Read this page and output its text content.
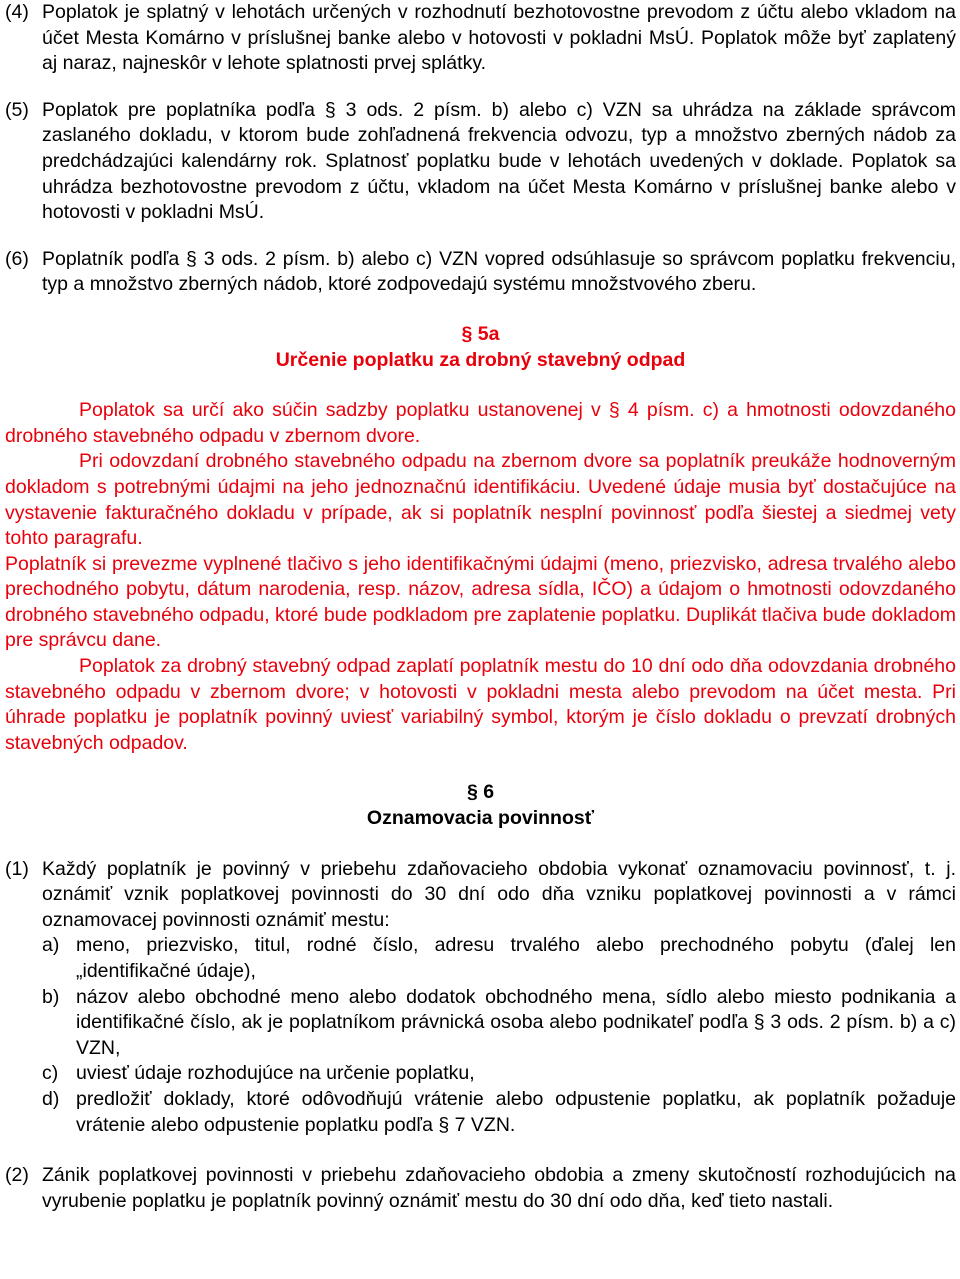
(4) Poplatok je splatný v lehotách určených v rozhodnutí bezhotovostne prevodom z účtu alebo vkladom na účet Mesta Komárno v príslušnej banke alebo v hotovosti v pokladni MsÚ. Poplatok môže byť zaplatený aj naraz, najneskôr v lehote splatnosti prvej splátky.

(5) Poplatok pre poplatníka podľa § 3 ods. 2 písm. b) alebo c) VZN sa uhrádza na základe správcom zaslaného dokladu, v ktorom bude zohľadnená frekvencia odvozu, typ a množstvo zberných nádob za predchádzajúci kalendárny rok. Splatnosť poplatku bude v lehotách uvedených v doklade. Poplatok sa uhrádza bezhotovostne prevodom z účtu, vkladom na účet Mesta Komárno v príslušnej banke alebo v hotovosti v pokladni MsÚ.

(6) Poplatník podľa § 3 ods. 2 písm. b) alebo c) VZN vopred odsúhlasuje so správcom poplatku frekvenciu, typ a množstvo zberných nádob, ktoré zodpovedajú systému množstvového zberu.

§ 5a
Určenie poplatku za drobný stavebný odpad

Poplatok sa určí ako súčin sadzby poplatku ustanovenej v § 4 písm. c) a hmotnosti odovzdaného drobného stavebného odpadu v zbernom dvore.

Pri odovzdaní drobného stavebného odpadu na zbernom dvore sa poplatník preukáže hodnoverným dokladom s potrebnými údajmi na jeho jednoznačnú identifikáciu. Uvedené údaje musia byť dostačujúce na vystavenie fakturačného dokladu v prípade, ak si poplatník nesplní povinnosť podľa šiestej a siedmej vety tohto paragrafu.

Poplatník si prevezme vyplnené tlačivo s jeho identifikačnými údajmi (meno, priezvisko, adresa trvalého alebo prechodného pobytu, dátum narodenia, resp. názov, adresa sídla, IČO) a údajom o hmotnosti odovzdaného drobného stavebného odpadu, ktoré bude podkladom pre zaplatenie poplatku. Duplikát tlačiva bude dokladom pre správcu dane.

Poplatok za drobný stavebný odpad zaplatí poplatník mestu do 10 dní odo dňa odovzdania drobného stavebného odpadu v zbernom dvore; v hotovosti v pokladni mesta alebo prevodom na účet mesta. Pri úhrade poplatku je poplatník povinný uviesť variabilný symbol, ktorým je číslo dokladu o prevzatí drobných stavebných odpadov.

§ 6
Oznamovacia povinnosť
(1) Každý poplatník je povinný v priebehu zdaňovacieho obdobia vykonať oznamovaciu povinnosť, t. j. oznámiť vznik poplatkovej povinnosti do 30 dní odo dňa vzniku poplatkovej povinnosti a v rámci oznamovacej povinnosti oznámiť mestu:

a) meno, priezvisko, titul, rodné číslo, adresu trvalého alebo prechodného pobytu (ďalej len „identifikačné údaje),
b) názov alebo obchodné meno alebo dodatok obchodného mena, sídlo alebo miesto podnikania a identifikačné číslo, ak je poplatníkom právnická osoba alebo podnikateľ podľa § 3 ods. 2 písm. b) a c) VZN,
c) uviesť údaje rozhodujúce na určenie poplatku,
d) predložiť doklady, ktoré odôvodňujú vrátenie alebo odpustenie poplatku, ak poplatník požaduje vrátenie alebo odpustenie poplatku podľa § 7 VZN.
(2) Zánik poplatkovej povinnosti v priebehu zdaňovacieho obdobia a zmeny skutočností rozhodujúcich na vyrubenie poplatku je poplatník povinný oznámiť mestu do 30 dní odo dňa, keď tieto nastali.
